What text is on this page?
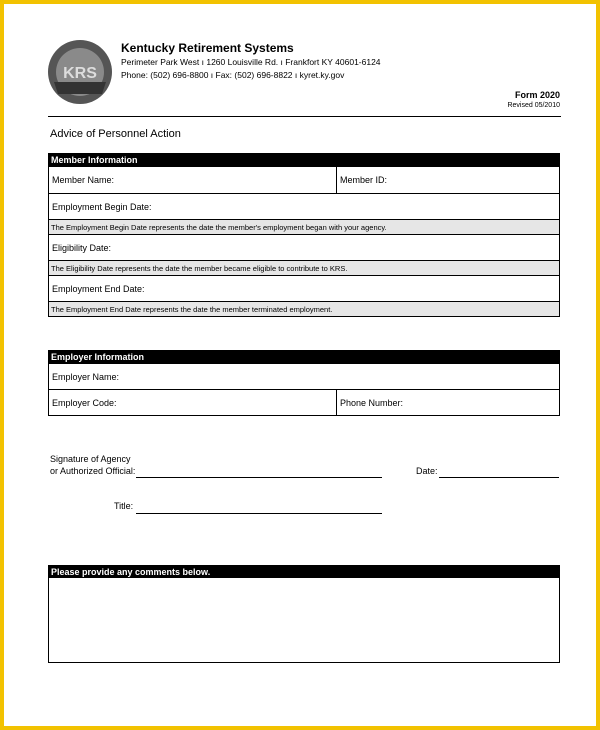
KRS
Kentucky Retirement Systems
Perimeter Park West ı 1260 Louisville Rd. ı Frankfort KY 40601-6124
Phone: (502) 696-8800 ı Fax: (502) 696-8822 ı kyret.ky.gov
Form 2020
Revised 05/2010
Advice of Personnel Action
Member Information
Member Name:	Member ID:
Employment Begin Date:
The Employment Begin Date represents the date the member's employment began with your agency.
Eligibility Date:
The Eligibility Date represents the date the member became eligible to contribute to KRS.
Employment End Date:
The Employment End Date represents the date the member terminated employment.
Employer Information
Employer Name:
Employer Code:	Phone Number:
Signature of Agency
or Authorized Official:	Date:
Title:
Please provide any comments below.
